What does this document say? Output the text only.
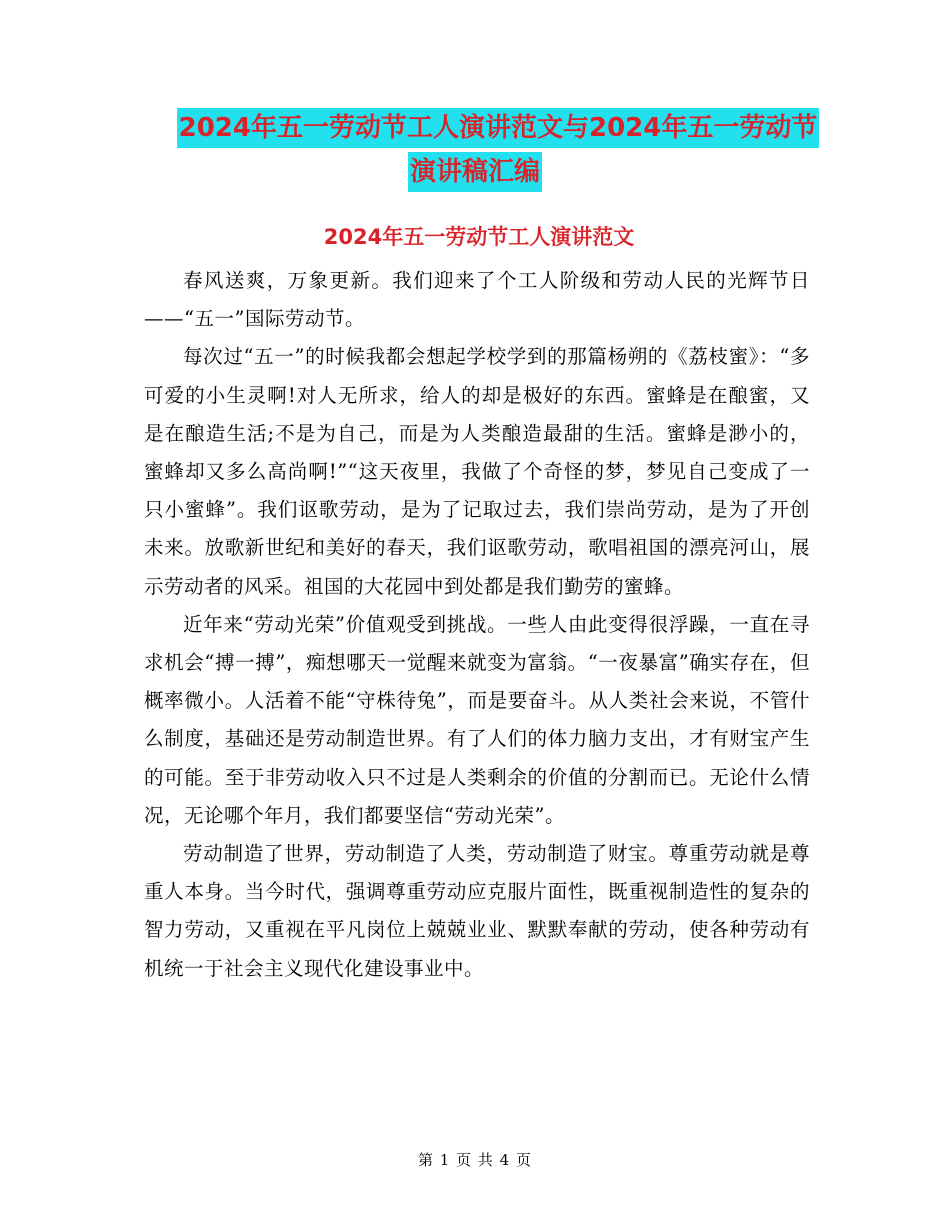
2024年五一劳动节工人演讲范文与2024年五一劳动节
演讲稿汇编
2024年五一劳动节工人演讲范文

春风送爽，万象更新。我们迎来了个工人阶级和劳动人民的光辉节日——“五一”国际劳动节。

每次过“五一”的时候我都会想起学校学到的那篇杨朔的《荔枝蜜》：“多可爱的小生灵啊!对人无所求，给人的却是极好的东西。蜜蜂是在酿蜜，又是在酿造生活;不是为自己，而是为人类酿造最甜的生活。蜜蜂是渺小的，蜜蜂却又多么高尚啊!”“这天夜里，我做了个奇怪的梦，梦见自己变成了一只小蜜蜂”。我们讴歌劳动，是为了记取过去，我们崇尚劳动，是为了开创未来。放歌新世纪和美好的春天，我们讴歌劳动，歌唱祖国的漂亮河山，展示劳动者的风采。祖国的大花园中到处都是我们勤劳的蜜蜂。

近年来“劳动光荣”价值观受到挑战。一些人由此变得很浮躁，一直在寻求机会“搏一搏”，痴想哪天一觉醒来就变为富翁。“一夜暴富”确实存在，但概率微小。人活着不能“守株待兔”，而是要奋斗。从人类社会来说，不管什么制度，基础还是劳动制造世界。有了人们的体力脑力支出，才有财宝产生的可能。至于非劳动收入只不过是人类剩余的价值的分割而已。无论什么情况，无论哪个年月，我们都要坚信“劳动光荣”。

劳动制造了世界，劳动制造了人类，劳动制造了财宝。尊重劳动就是尊重人本身。当今时代，强调尊重劳动应克服片面性，既重视制造性的复杂的智力劳动，又重视在平凡岗位上兢兢业业、默默奉献的劳动，使各种劳动有机统一于社会主义现代化建设事业中。

第 1 页 共 4 页
